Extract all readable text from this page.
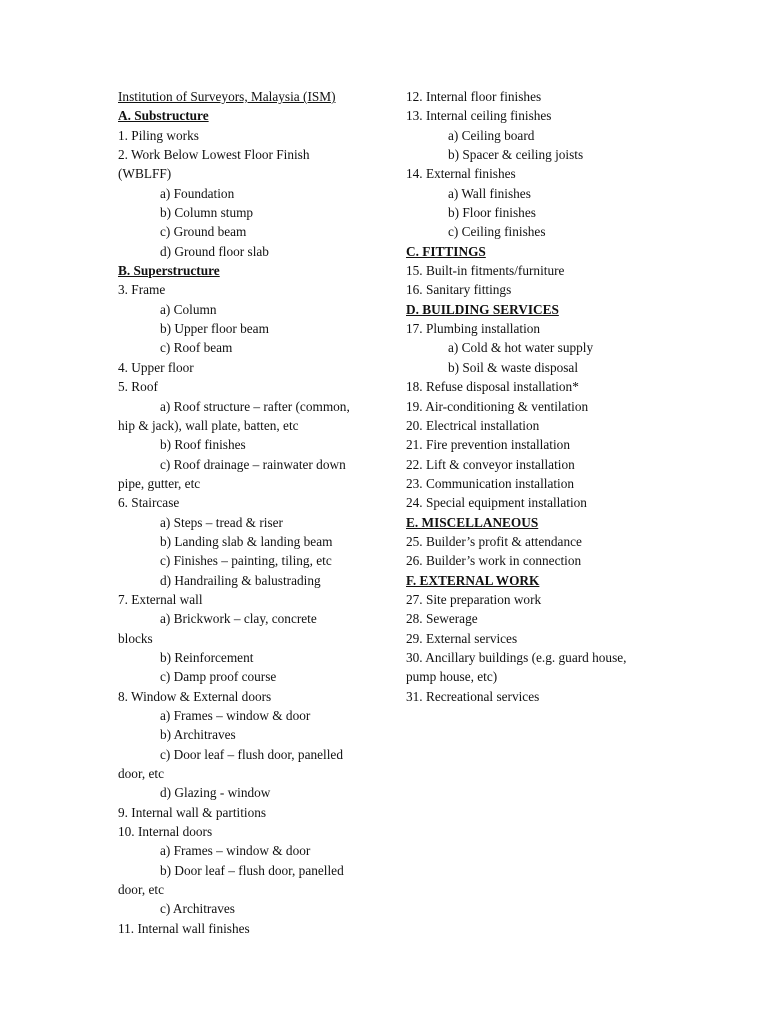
Institution of Surveyors, Malaysia (ISM)
A. Substructure
1. Piling works
2. Work Below Lowest Floor Finish
(WBLFF)
a) Foundation
b) Column stump
c) Ground beam
d) Ground floor slab
B. Superstructure
3. Frame
a) Column
b) Upper floor beam
c) Roof beam
4. Upper floor
5. Roof
a) Roof structure – rafter (common,
hip & jack), wall plate, batten, etc
b) Roof finishes
c) Roof drainage – rainwater down
pipe, gutter, etc
6. Staircase
a) Steps – tread & riser
b) Landing slab & landing beam
c) Finishes – painting, tiling, etc
d) Handrailing & balustrading
7. External wall
a) Brickwork – clay, concrete
blocks
b) Reinforcement
c) Damp proof course
8. Window & External doors
a) Frames – window & door
b) Architraves
c) Door leaf – flush door, panelled
door, etc
d) Glazing - window
9. Internal wall & partitions
10. Internal doors
a) Frames – window & door
b) Door leaf – flush door, panelled
door, etc
c) Architraves
11. Internal wall finishes
12. Internal floor finishes
13. Internal ceiling finishes
a) Ceiling board
b) Spacer & ceiling joists
14. External finishes
a) Wall finishes
b) Floor finishes
c) Ceiling finishes
C. FITTINGS
15. Built-in fitments/furniture
16. Sanitary fittings
D. BUILDING SERVICES
17. Plumbing installation
a) Cold & hot water supply
b) Soil & waste disposal
18. Refuse disposal installation*
19. Air-conditioning & ventilation
20. Electrical installation
21. Fire prevention installation
22. Lift & conveyor installation
23. Communication installation
24. Special equipment installation
E. MISCELLANEOUS
25. Builder’s profit & attendance
26. Builder’s work in connection
F. EXTERNAL WORK
27. Site preparation work
28. Sewerage
29. External services
30. Ancillary buildings (e.g. guard house,
pump house, etc)
31. Recreational services
